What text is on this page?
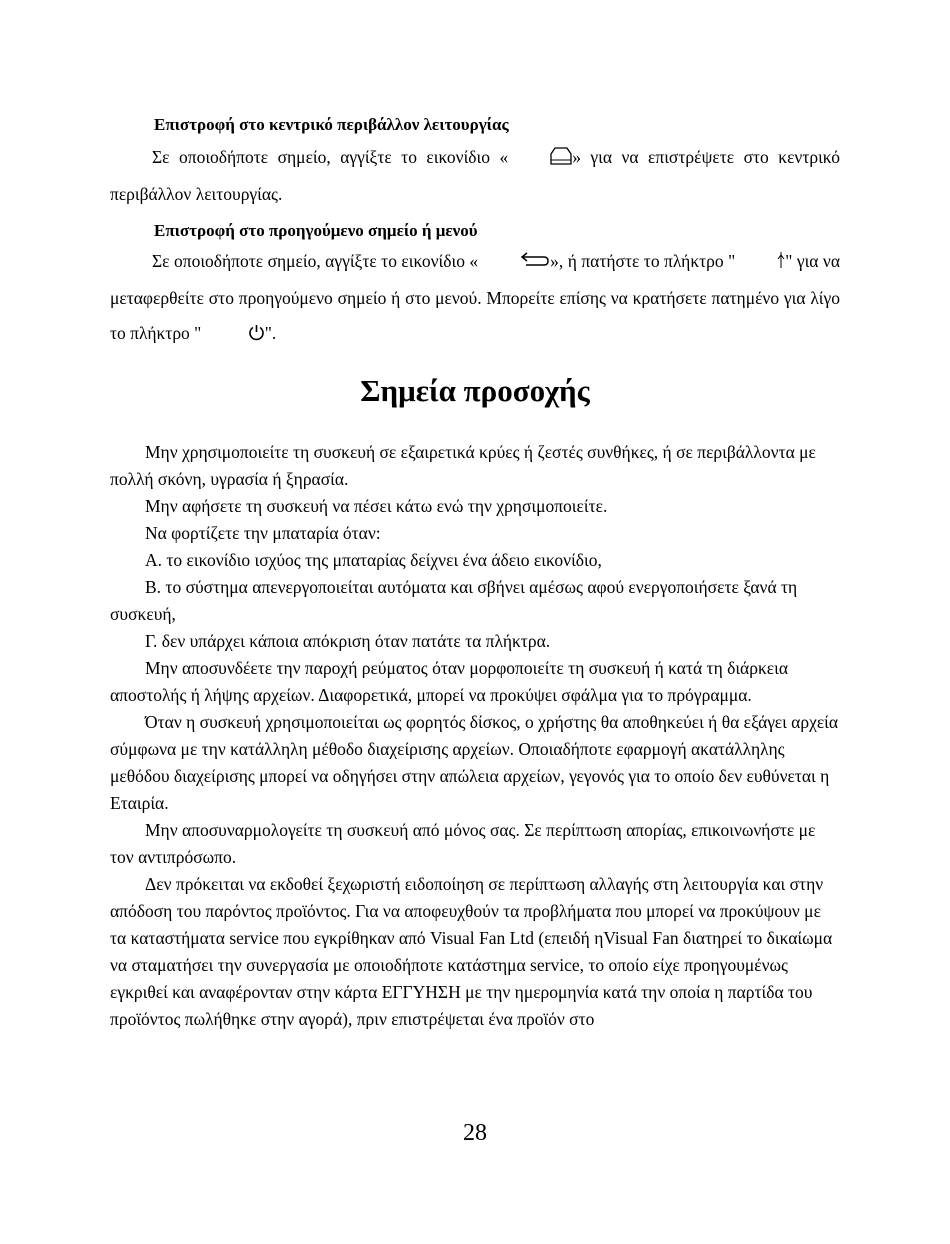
Επιστροφή στο κεντρικό περιβάλλον λειτουργίας

Σε οποιοδήποτε σημείο, αγγίξτε το εικονίδιο «	» για να επιστρέψετε στο κεντρικό περιβάλλον λειτουργίας.

Επιστροφή στο προηγούμενο σημείο ή μενού

Σε οποιοδήποτε σημείο, αγγίξτε το εικονίδιο «	», ή πατήστε το πλήκτρο "	" για να μεταφερθείτε στο προηγούμενο σημείο ή στο μενού. Μπορείτε επίσης να κρατήσετε πατημένο για λίγο το πλήκτρο "	".

Σημεία προσοχής

Μην χρησιμοποιείτε τη συσκευή σε εξαιρετικά κρύες ή ζεστές συνθήκες, ή σε περιβάλλοντα με πολλή σκόνη, υγρασία ή ξηρασία.

Μην αφήσετε τη συσκευή να πέσει κάτω ενώ την χρησιμοποιείτε.

Να φορτίζετε την μπαταρία όταν:

Α. το εικονίδιο ισχύος της μπαταρίας δείχνει ένα άδειο εικονίδιο,

Β. το σύστημα απενεργοποιείται αυτόματα και σβήνει αμέσως αφού ενεργοποιήσετε ξανά τη συσκευή,

Γ. δεν υπάρχει κάποια απόκριση όταν πατάτε τα πλήκτρα.

Μην αποσυνδέετε την παροχή ρεύματος όταν μορφοποιείτε τη συσκευή ή κατά τη διάρκεια αποστολής ή λήψης αρχείων. Διαφορετικά, μπορεί να προκύψει σφάλμα για το πρόγραμμα.

Όταν η συσκευή χρησιμοποιείται ως φορητός δίσκος, ο χρήστης θα αποθηκεύει ή θα εξάγει αρχεία σύμφωνα με την κατάλληλη μέθοδο διαχείρισης αρχείων. Οποιαδήποτε εφαρμογή ακατάλληλης μεθόδου διαχείρισης μπορεί να οδηγήσει στην απώλεια αρχείων, γεγονός για το οποίο δεν ευθύνεται η Εταιρία.

Μην αποσυναρμολογείτε τη συσκευή από μόνος σας. Σε περίπτωση απορίας, επικοινωνήστε με τον αντιπρόσωπο.

Δεν πρόκειται να εκδοθεί ξεχωριστή ειδοποίηση σε περίπτωση αλλαγής στη λειτουργία και στην απόδοση του παρόντος προϊόντος. Για να αποφευχθούν τα προβλήματα που μπορεί να προκύψουν με τα καταστήματα service που εγκρίθηκαν από Visual Fan Ltd (επειδή ηVisual Fan διατηρεί το δικαίωμα να σταματήσει την συνεργασία με οποιοδήποτε κατάστημα service, το οποίο είχε προηγουμένως εγκριθεί και αναφέρονταν στην κάρτα ΕΓΓΥΗΣΗ με την ημερομηνία κατά την οποία η παρτίδα του προϊόντος πωλήθηκε στην αγορά), πριν επιστρέψεται ένα προϊόν στο

28
